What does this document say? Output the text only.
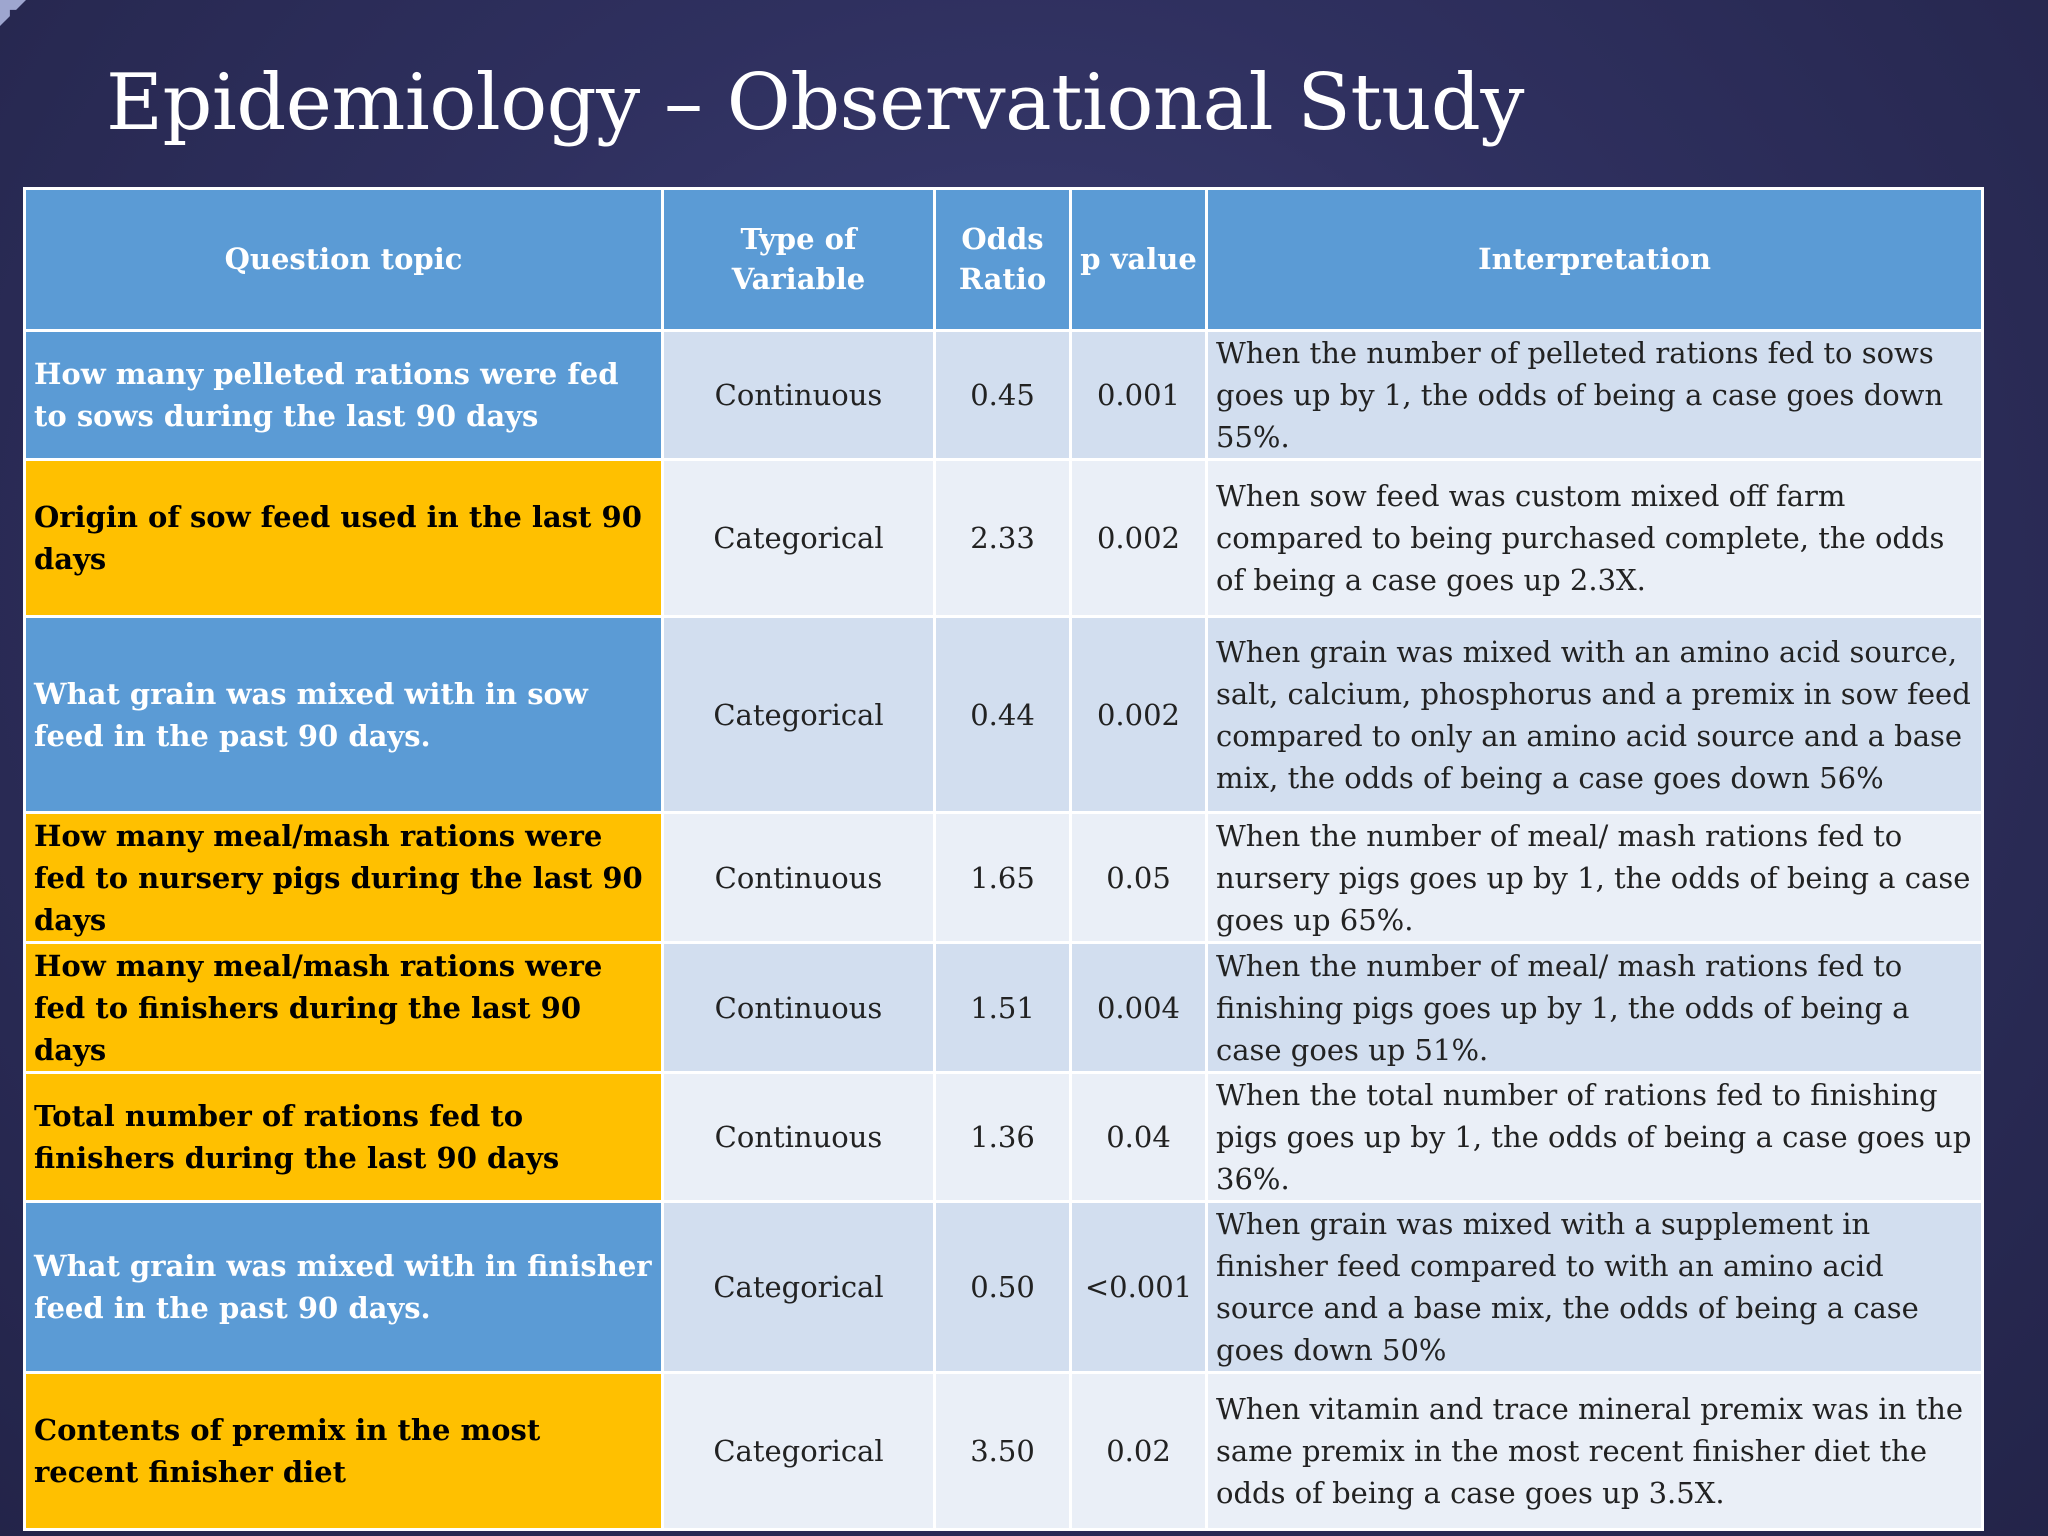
Epidemiology – Observational Study
Question topic	Type of Variable	Odds Ratio	p value	Interpretation
How many pelleted rations were fed to sows during the last 90 days	Continuous	0.45	0.001	When the number of pelleted rations fed to sows goes up by 1, the odds of being a case goes down 55%.
Origin of sow feed used in the last 90 days	Categorical	2.33	0.002	When sow feed was custom mixed off farm compared to being purchased complete, the odds of being a case goes up 2.3X.
What grain was mixed with in sow feed in the past 90 days.	Categorical	0.44	0.002	When grain was mixed with an amino acid source, salt, calcium, phosphorus and a premix in sow feed compared to only an amino acid source and a base mix, the odds of being a case goes down 56%
How many meal/mash rations were fed to nursery pigs during the last 90 days	Continuous	1.65	0.05	When the number of meal/ mash rations fed to nursery pigs goes up by 1, the odds of being a case goes up 65%.
How many meal/mash rations were fed to finishers during the last 90 days	Continuous	1.51	0.004	When the number of meal/ mash rations fed to finishing pigs goes up by 1, the odds of being a case goes up 51%.
Total number of rations fed to finishers during the last 90 days	Continuous	1.36	0.04	When the total number of rations fed to finishing pigs goes up by 1, the odds of being a case goes up 36%.
What grain was mixed with in finisher feed in the past 90 days.	Categorical	0.50	<0.001	When grain was mixed with a supplement in finisher feed compared to with an amino acid source and a base mix, the odds of being a case goes down 50%
Contents of premix in the most recent finisher diet	Categorical	3.50	0.02	When vitamin and trace mineral premix was in the same premix in the most recent finisher diet the odds of being a case goes up 3.5X.
